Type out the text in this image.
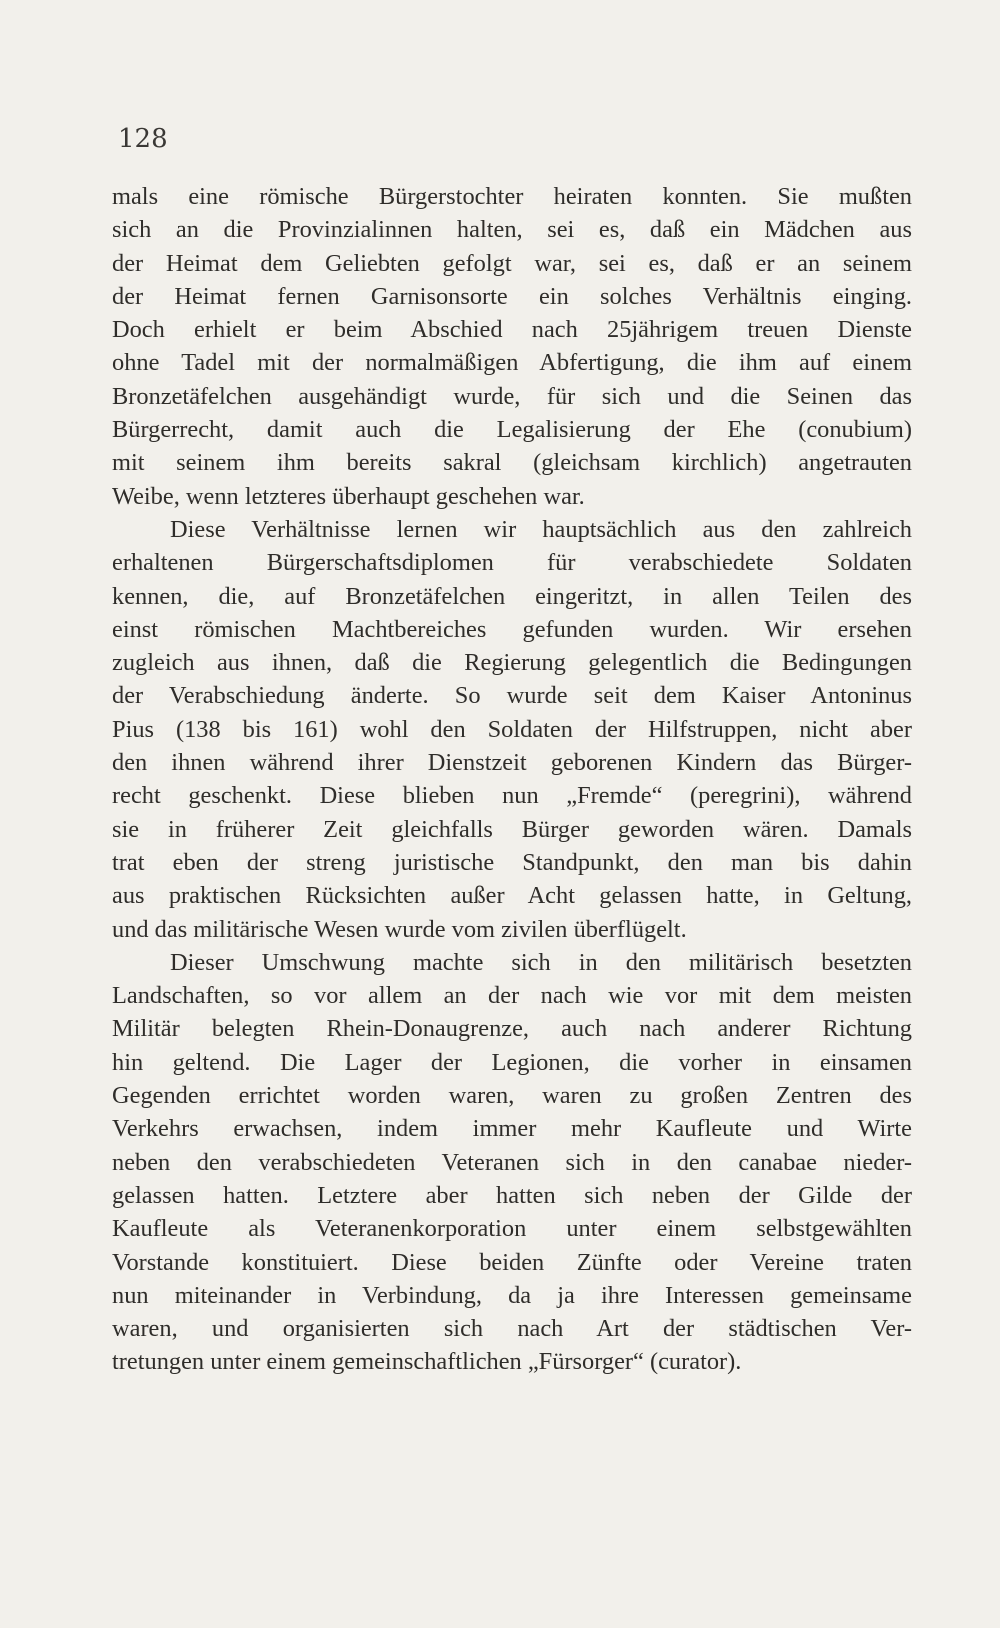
128
mals eine römische Bürgerstochter heiraten konnten. Sie mußten
sich an die Provinzialinnen halten, sei es, daß ein Mädchen aus
der Heimat dem Geliebten gefolgt war, sei es, daß er an seinem
der Heimat fernen Garnisonsorte ein solches Verhältnis einging.
Doch erhielt er beim Abschied nach 25jährigem treuen Dienste
ohne Tadel mit der normalmäßigen Abfertigung, die ihm auf einem
Bronzetäfelchen ausgehändigt wurde, für sich und die Seinen das
Bürgerrecht, damit auch die Legalisierung der Ehe (conubium)
mit seinem ihm bereits sakral (gleichsam kirchlich) angetrauten
Weibe, wenn letzteres überhaupt geschehen war.
Diese Verhältnisse lernen wir hauptsächlich aus den zahlreich
erhaltenen Bürgerschaftsdiplomen für verabschiedete Soldaten
kennen, die, auf Bronzetäfelchen eingeritzt, in allen Teilen des
einst römischen Machtbereiches gefunden wurden. Wir ersehen
zugleich aus ihnen, daß die Regierung gelegentlich die Bedingungen
der Verabschiedung änderte. So wurde seit dem Kaiser Antoninus
Pius (138 bis 161) wohl den Soldaten der Hilfstruppen, nicht aber
den ihnen während ihrer Dienstzeit geborenen Kindern das Bürger-
recht geschenkt. Diese blieben nun „Fremde“ (peregrini), während
sie in früherer Zeit gleichfalls Bürger geworden wären. Damals
trat eben der streng juristische Standpunkt, den man bis dahin
aus praktischen Rücksichten außer Acht gelassen hatte, in Geltung,
und das militärische Wesen wurde vom zivilen überflügelt.
Dieser Umschwung machte sich in den militärisch besetzten
Landschaften, so vor allem an der nach wie vor mit dem meisten
Militär belegten Rhein-Donaugrenze, auch nach anderer Richtung
hin geltend. Die Lager der Legionen, die vorher in einsamen
Gegenden errichtet worden waren, waren zu großen Zentren des
Verkehrs erwachsen, indem immer mehr Kaufleute und Wirte
neben den verabschiedeten Veteranen sich in den canabae nieder-
gelassen hatten. Letztere aber hatten sich neben der Gilde der
Kaufleute als Veteranenkorporation unter einem selbstgewählten
Vorstande konstituiert. Diese beiden Zünfte oder Vereine traten
nun miteinander in Verbindung, da ja ihre Interessen gemeinsame
waren, und organisierten sich nach Art der städtischen Ver-
tretungen unter einem gemeinschaftlichen „Fürsorger“ (curator).
